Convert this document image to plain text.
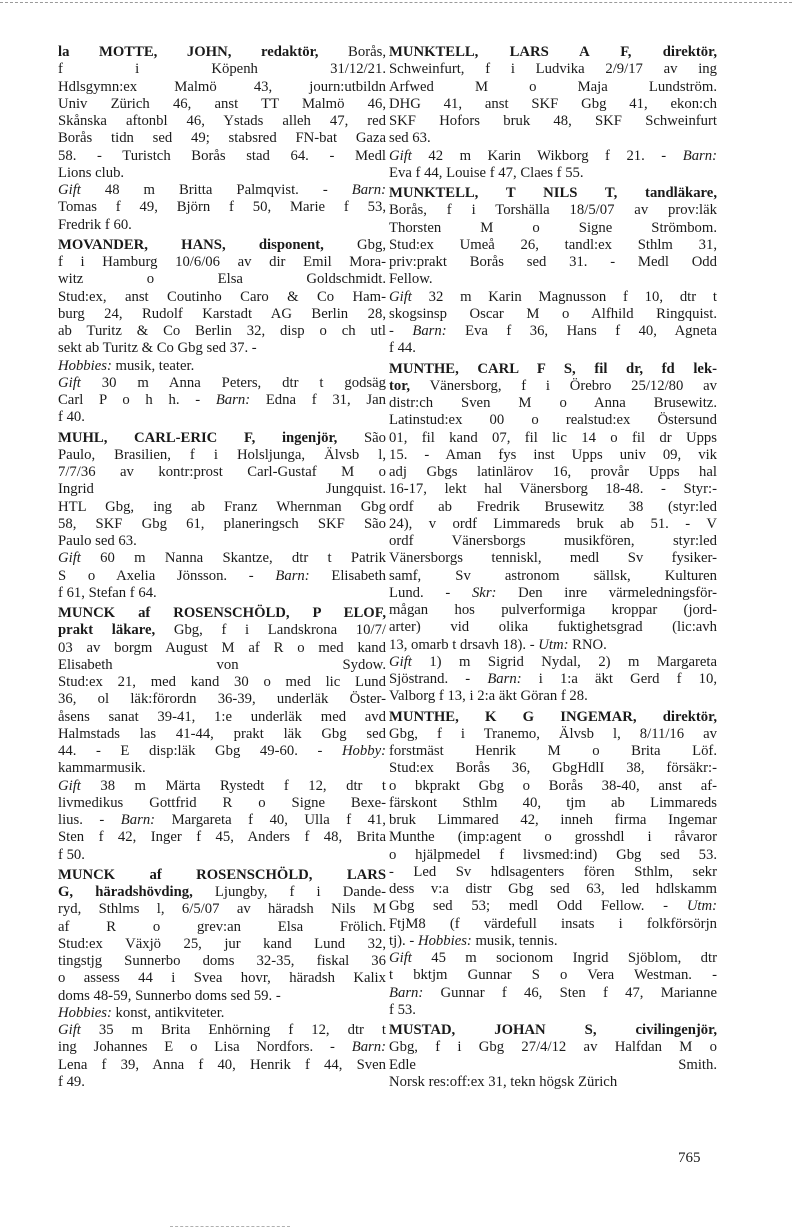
la MOTTE, JOHN, redaktör, Borås,
f i Köpenh 31/12/21.
Hdlsgymn:ex Malmö 43, journ:utbildn
Univ Zürich 46, anst TT Malmö 46,
Skånska aftonbl 46, Ystads alleh 47, red
Borås tidn sed 49; stabsred FN-bat Gaza
58. - Turistch Borås stad 64. - Medl
Lions club.
Gift 48 m Britta Palmqvist. - Barn:
Tomas f 49, Björn f 50, Marie f 53,
Fredrik f 60.
MOVANDER, HANS, disponent, Gbg,
f i Hamburg 10/6/06 av dir Emil Mora-
witz o Elsa Goldschmidt.
Stud:ex, anst Coutinho Caro & Co Ham-
burg 24, Rudolf Karstadt AG Berlin 28,
ab Turitz & Co Berlin 32, disp o ch utl
sekt ab Turitz & Co Gbg sed 37. -
Hobbies: musik, teater.
Gift 30 m Anna Peters, dtr t godsäg
Carl P o h h. - Barn: Edna f 31, Jan
f 40.
MUHL, CARL-ERIC F, ingenjör, São
Paulo, Brasilien, f i Holsljunga, Älvsb l,
7/7/36 av kontr:prost Carl-Gustaf M o
Ingrid Jungquist.
HTL Gbg, ing ab Franz Whernman Gbg
58, SKF Gbg 61, planeringsch SKF São
Paulo sed 63.
Gift 60 m Nanna Skantze, dtr t Patrik
S o Axelia Jönsson. - Barn: Elisabeth
f 61, Stefan f 64.
MUNCK af ROSENSCHÖLD, P ELOF,
prakt läkare, Gbg, f i Landskrona 10/7/
03 av borgm August M af R o med kand
Elisabeth von Sydow.
Stud:ex 21, med kand 30 o med lic Lund
36, ol läk:förordn 36-39, underläk Öster-
åsens sanat 39-41, 1:e underläk med avd
Halmstads las 41-44, prakt läk Gbg sed
44. - E disp:läk Gbg 49-60. - Hobby:
kammarmusik.
Gift 38 m Märta Rystedt f 12, dtr t
livmedikus Gottfrid R o Signe Bexe-
lius. - Barn: Margareta f 40, Ulla f 41,
Sten f 42, Inger f 45, Anders f 48, Brita
f 50.
MUNCK af ROSENSCHÖLD, LARS
G, häradshövding, Ljungby, f i Dande-
ryd, Sthlms l, 6/5/07 av häradsh Nils M
af R o grev:an Elsa Frölich.
Stud:ex Växjö 25, jur kand Lund 32,
tingstjg Sunnerbo doms 32-35, fiskal 36
o assess 44 i Svea hovr, häradsh Kalix
doms 48-59, Sunnerbo doms sed 59. -
Hobbies: konst, antikviteter.
Gift 35 m Brita Enhörning f 12, dtr t
ing Johannes E o Lisa Nordfors. - Barn:
Lena f 39, Anna f 40, Henrik f 44, Sven
f 49.
MUNKTELL, LARS A F, direktör,
Schweinfurt, f i Ludvika 2/9/17 av ing
Arfwed M o Maja Lundström.
DHG 41, anst SKF Gbg 41, ekon:ch
SKF Hofors bruk 48, SKF Schweinfurt
sed 63.
Gift 42 m Karin Wikborg f 21. - Barn:
Eva f 44, Louise f 47, Claes f 55.
MUNKTELL, T NILS T, tandläkare,
Borås, f i Torshälla 18/5/07 av prov:läk
Thorsten M o Signe Strömbom.
Stud:ex Umeå 26, tandl:ex Sthlm 31,
priv:prakt Borås sed 31. - Medl Odd
Fellow.
Gift 32 m Karin Magnusson f 10, dtr t
skogsinsp Oscar M o Alfhild Ringquist.
- Barn: Eva f 36, Hans f 40, Agneta
f 44.
MUNTHE, CARL F S, fil dr, fd lek-
tor, Vänersborg, f i Örebro 25/12/80 av
distr:ch Sven M o Anna Brusewitz.
Latinstud:ex 00 o realstud:ex Östersund
01, fil kand 07, fil lic 14 o fil dr Upps
15. - Aman fys inst Upps univ 09, vik
adj Gbgs latinlärov 16, provår Upps hal
16-17, lekt hal Vänersborg 18-48. - Styr:-
ordf ab Fredrik Brusewitz 38 (styr:led
24), v ordf Limmareds bruk ab 51. - V
ordf Vänersborgs musikfören, styr:led
Vänersborgs tenniskl, medl Sv fysiker-
samf, Sv astronom sällsk, Kulturen
Lund. - Skr: Den inre värmeledningsför-
mågan hos pulverformiga kroppar (jord-
arter) vid olika fuktighetsgrad (lic:avh
13, omarb t drsavh 18). - Utm: RNO.
Gift 1) m Sigrid Nydal, 2) m Margareta
Sjöstrand. - Barn: i 1:a äkt Gerd f 10,
Valborg f 13, i 2:a äkt Göran f 28.
MUNTHE, K G INGEMAR, direktör,
Gbg, f i Tranemo, Älvsb l, 8/11/16 av
forstmäst Henrik M o Brita Löf.
Stud:ex Borås 36, GbgHdlI 38, försäkr:-
o bkprakt Gbg o Borås 38-40, anst af-
färskont Sthlm 40, tjm ab Limmareds
bruk Limmared 42, inneh firma Ingemar
Munthe (imp:agent o grosshdl i råvaror
o hjälpmedel f livsmed:ind) Gbg sed 53.
- Led Sv hdlsagenters fören Sthlm, sekr
dess v:a distr Gbg sed 63, led hdlskamm
Gbg sed 53; medl Odd Fellow. - Utm:
FtjM8 (f värdefull insats i folkförsörjn
tj). - Hobbies: musik, tennis.
Gift 45 m socionom Ingrid Sjöblom, dtr
t bktjm Gunnar S o Vera Westman. -
Barn: Gunnar f 46, Sten f 47, Marianne
f 53.
MUSTAD, JOHAN S, civilingenjör,
Gbg, f i Gbg 27/4/12 av Halfdan M o
Edle Smith.
Norsk res:off:ex 31, tekn högsk Zürich
765
